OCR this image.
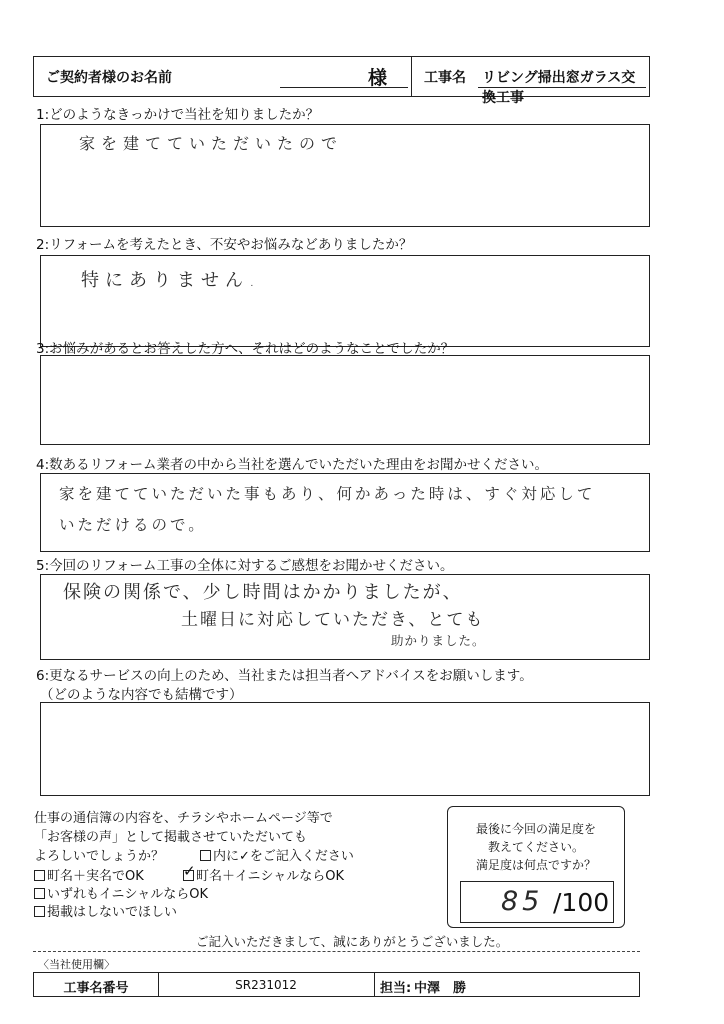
ご契約者様のお名前	様	工事名 リビング掃出窓ガラス交換工事
1:どのようなきっかけで当社を知りましたか？
家を建てていただいたので
2:リフォームを考えたとき、不安やお悩みなどありましたか？
特にありません.
3:お悩みがあるとお答えした方へ、それはどのようなことでしたか？
4:数あるリフォーム業者の中から当社を選んでいただいた理由をお聞かせください。
家を建てていただいた事もあり、何かあった時は、すぐ対応して
いただけるので。
5:今回のリフォーム工事の全体に対するご感想をお聞かせください。
保険の関係で、少し時間はかかりましたが、
土曜日に対応していただき、とても
助かりました。
6:更なるサービスの向上のため、当社または担当者へアドバイスをお願いします。
（どのような内容でも結構です）
仕事の通信簿の内容を、チラシやホームページ等で
「お客様の声」として掲載させていただいても
よろしいでしょうか？	内に✓をご記入ください
町名＋実名でOK	✓ 町名＋イニシャルならOK
いずれもイニシャルならOK
掲載はしないでほしい
最後に今回の満足度を
教えてください。
満足度は何点ですか？
85 /100
ご記入いただきまして、誠にありがとうございました。
〈当社使用欄〉
工事名番号	SR231012	担当: 中澤　勝
